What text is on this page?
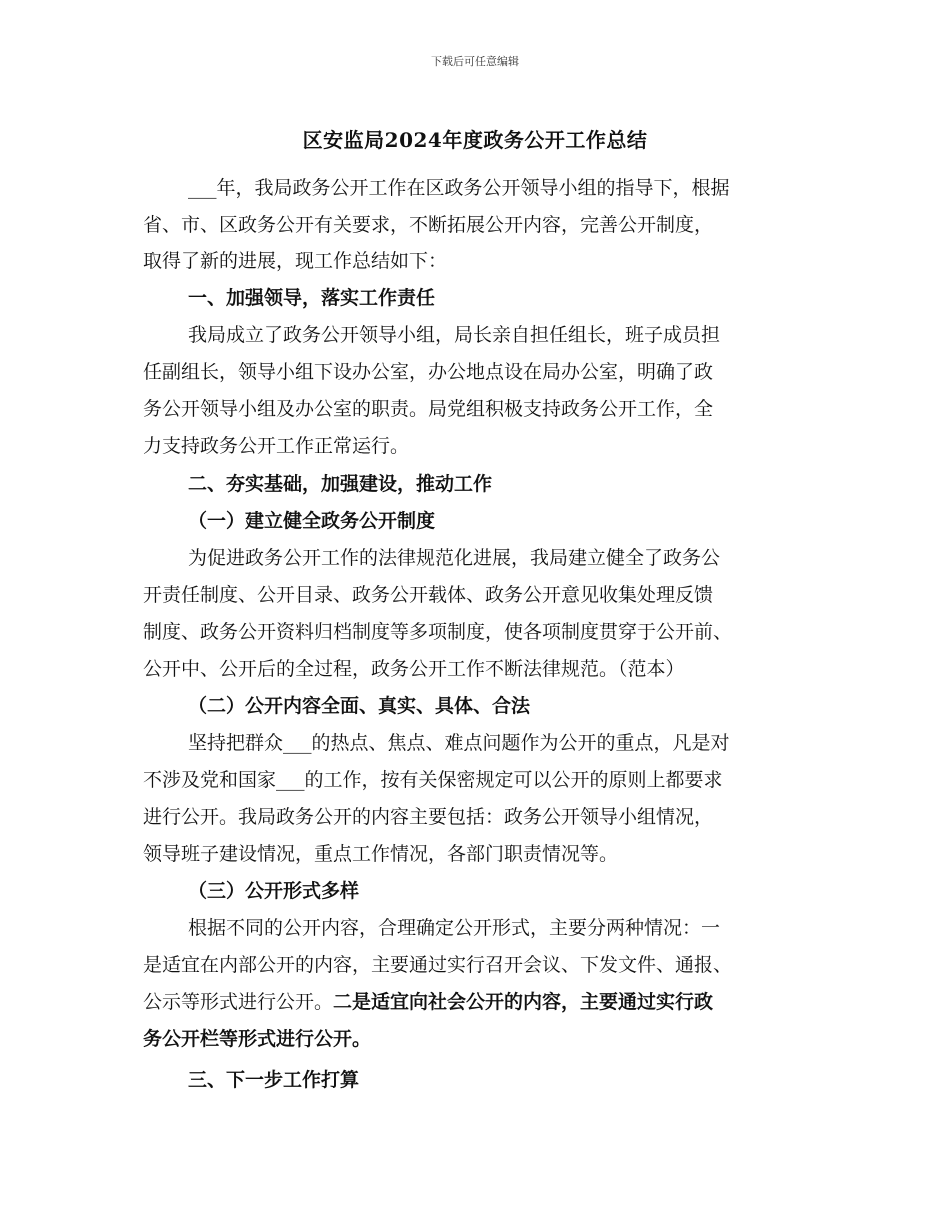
下载后可任意编辑
区安监局2024年度政务公开工作总结
___年，我局政务公开工作在区政务公开领导小组的指导下，根据
省、市、区政务公开有关要求，不断拓展公开内容，完善公开制度，
取得了新的进展，现工作总结如下：
一、加强领导，落实工作责任
我局成立了政务公开领导小组，局长亲自担任组长，班子成员担
任副组长，领导小组下设办公室，办公地点设在局办公室，明确了政
务公开领导小组及办公室的职责。局党组积极支持政务公开工作，全
力支持政务公开工作正常运行。
二、夯实基础，加强建设，推动工作
（一）建立健全政务公开制度
为促进政务公开工作的法律规范化进展，我局建立健全了政务公
开责任制度、公开目录、政务公开载体、政务公开意见收集处理反馈
制度、政务公开资料归档制度等多项制度，使各项制度贯穿于公开前、
公开中、公开后的全过程，政务公开工作不断法律规范。（范本）
（二）公开内容全面、真实、具体、合法
坚持把群众___的热点、焦点、难点问题作为公开的重点，凡是对
不涉及党和国家___的工作，按有关保密规定可以公开的原则上都要求
进行公开。我局政务公开的内容主要包括：政务公开领导小组情况，
领导班子建设情况，重点工作情况，各部门职责情况等。
（三）公开形式多样
根据不同的公开内容，合理确定公开形式，主要分两种情况：一
是适宜在内部公开的内容，主要通过实行召开会议、下发文件、通报、
公示等形式进行公开。二是适宜向社会公开的内容，主要通过实行政
务公开栏等形式进行公开。
三、下一步工作打算
